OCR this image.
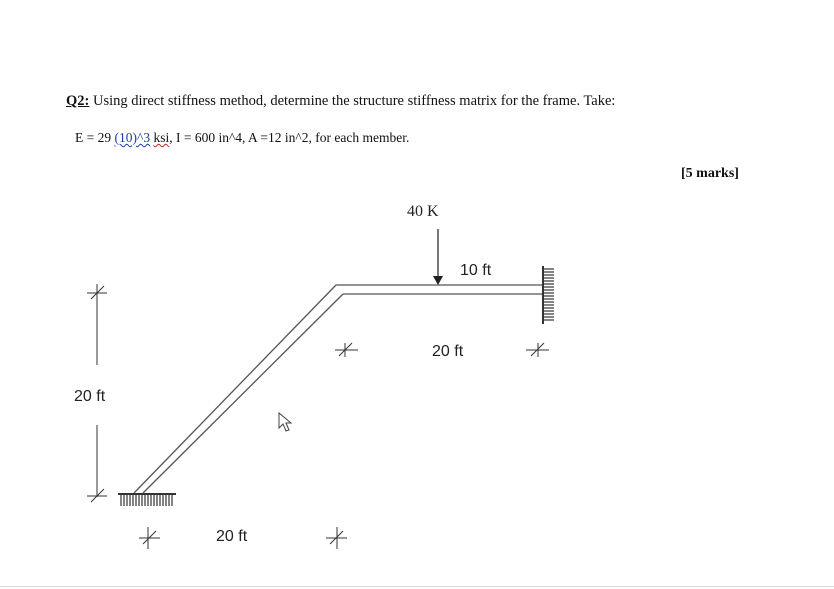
Q2: Using direct stiffness method, determine the structure stiffness matrix for the frame. Take:
E = 29 (10)^3 ksi, I = 600 in^4, A =12 in^2, for each member.
[5 marks]
40 K
10 ft
20 ft
20 ft
20 ft
